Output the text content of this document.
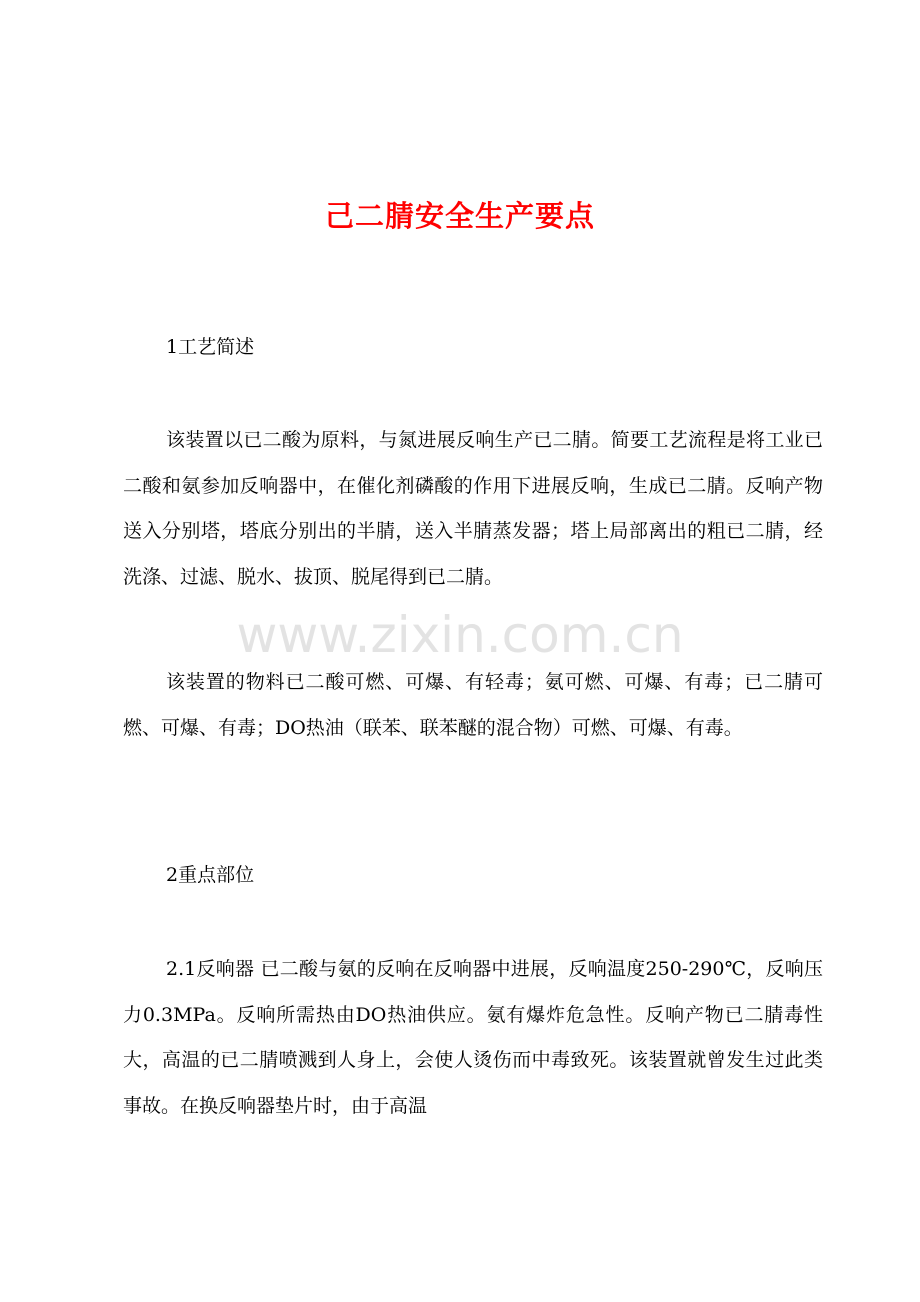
己二腈安全生产要点
1工艺简述
该装置以已二酸为原料，与氮进展反响生产已二腈。简要工艺流程是将工业已二酸和氨参加反响器中，在催化剂磷酸的作用下进展反响，生成已二腈。反响产物送入分别塔，塔底分别出的半腈，送入半腈蒸发器；塔上局部离出的粗已二腈，经洗涤、过滤、脱水、拔顶、脱尾得到已二腈。
该装置的物料已二酸可燃、可爆、有轻毒；氨可燃、可爆、有毒；已二腈可燃、可爆、有毒；DO热油（联苯、联苯醚的混合物）可燃、可爆、有毒。
2重点部位
2.1反响器 已二酸与氨的反响在反响器中进展，反响温度250-290℃，反响压力0.3MPa。反响所需热由DO热油供应。氨有爆炸危急性。反响产物已二腈毒性大，高温的已二腈喷溅到人身上，会使人烫伤而中毒致死。该装置就曾发生过此类事故。在换反响器垫片时，由于高温
www.zixin.com.cn
